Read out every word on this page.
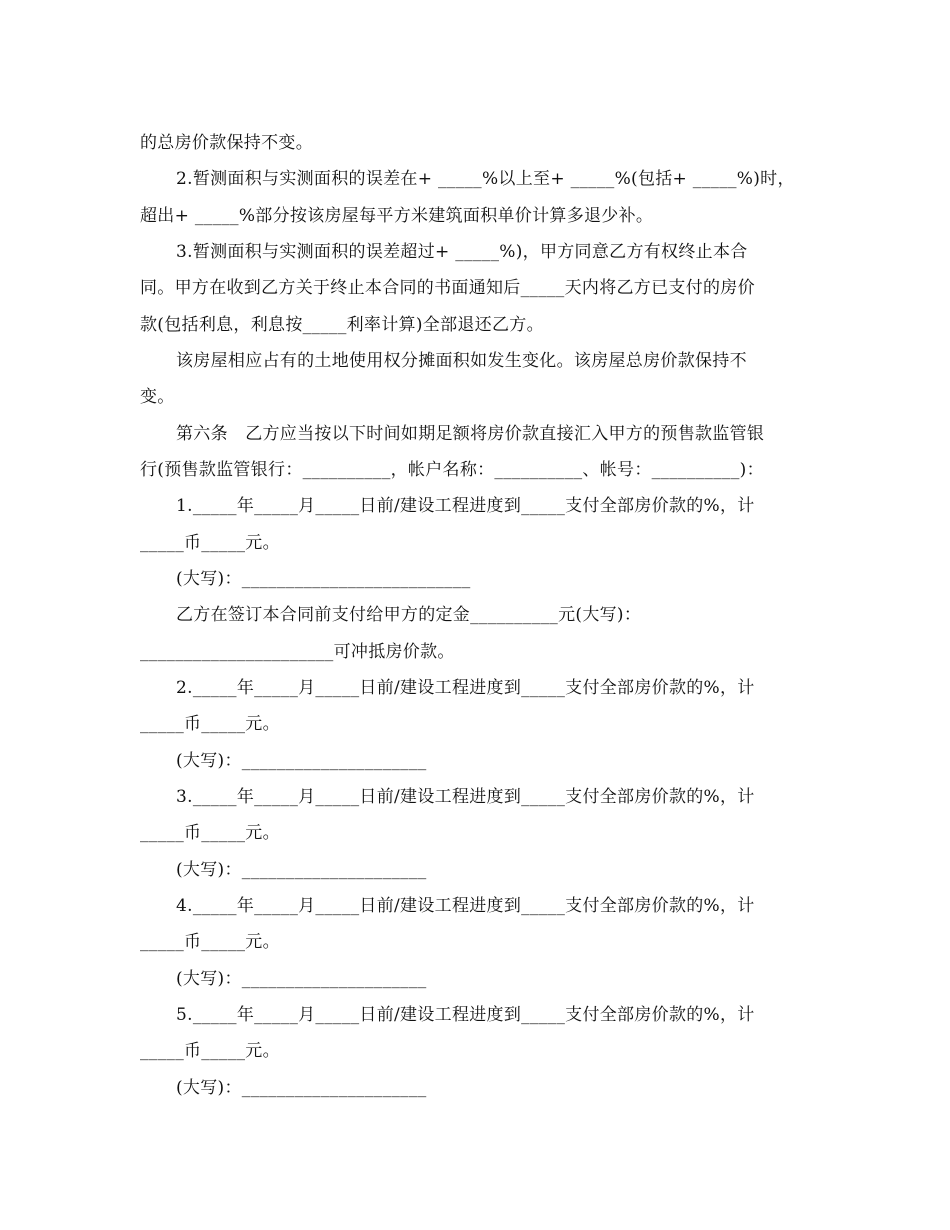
的总房价款保持不变。
2.暂测面积与实测面积的误差在+ _____%以上至+ _____%(包括+ _____%)时，
超出+ _____%部分按该房屋每平方米建筑面积单价计算多退少补。
3.暂测面积与实测面积的误差超过+ _____%)，甲方同意乙方有权终止本合
同。甲方在收到乙方关于终止本合同的书面通知后_____天内将乙方已支付的房价
款(包括利息，利息按_____利率计算)全部退还乙方。
该房屋相应占有的土地使用权分摊面积如发生变化。该房屋总房价款保持不
变。
第六条　乙方应当按以下时间如期足额将房价款直接汇入甲方的预售款监管银
行(预售款监管银行：__________，帐户名称：__________、帐号：__________)：
1._____年_____月_____日前/建设工程进度到_____支付全部房价款的%，计
_____币_____元。
(大写)：__________________________
乙方在签订本合同前支付给甲方的定金__________元(大写)：
______________________可冲抵房价款。
2._____年_____月_____日前/建设工程进度到_____支付全部房价款的%，计
_____币_____元。
(大写)：_____________________
3._____年_____月_____日前/建设工程进度到_____支付全部房价款的%，计
_____币_____元。
(大写)：_____________________
4._____年_____月_____日前/建设工程进度到_____支付全部房价款的%，计
_____币_____元。
(大写)：_____________________
5._____年_____月_____日前/建设工程进度到_____支付全部房价款的%，计
_____币_____元。
(大写)：_____________________
